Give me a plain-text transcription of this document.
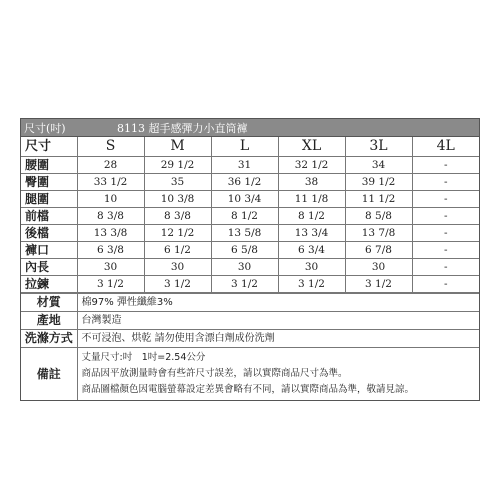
尺寸(吋)	8113 超手感彈力小直筒褲
尺寸	S	M	L	XL	3L	4L
腰圍	28	29 1/2	31	32 1/2	34	-
臀圍	33 1/2	35	36 1/2	38	39 1/2	-
腿圍	10	10 3/8	10 3/4	11 1/8	11 1/2	-
前檔	8 3/8	8 3/8	8 1/2	8 1/2	8 5/8	-
後檔	13 3/8	12 1/2	13 5/8	13 3/4	13 7/8	-
褲口	6 3/8	6 1/2	6 5/8	6 3/4	6 7/8	-
內長	30	30	30	30	30	-
拉鍊	3 1/2	3 1/2	3 1/2	3 1/2	3 1/2	-
材質	棉97% 彈性纖維3%
產地	台灣製造
洗滌方式	不可浸泡、烘乾 請勿使用含漂白劑成份洗劑
備註	丈量尺寸:吋　1吋=2.54公分
商品因平放測量時會有些許尺寸誤差，請以實際商品尺寸為準。
商品圖檔顏色因電腦螢幕設定差異會略有不同，請以實際商品為準，敬請見諒。
